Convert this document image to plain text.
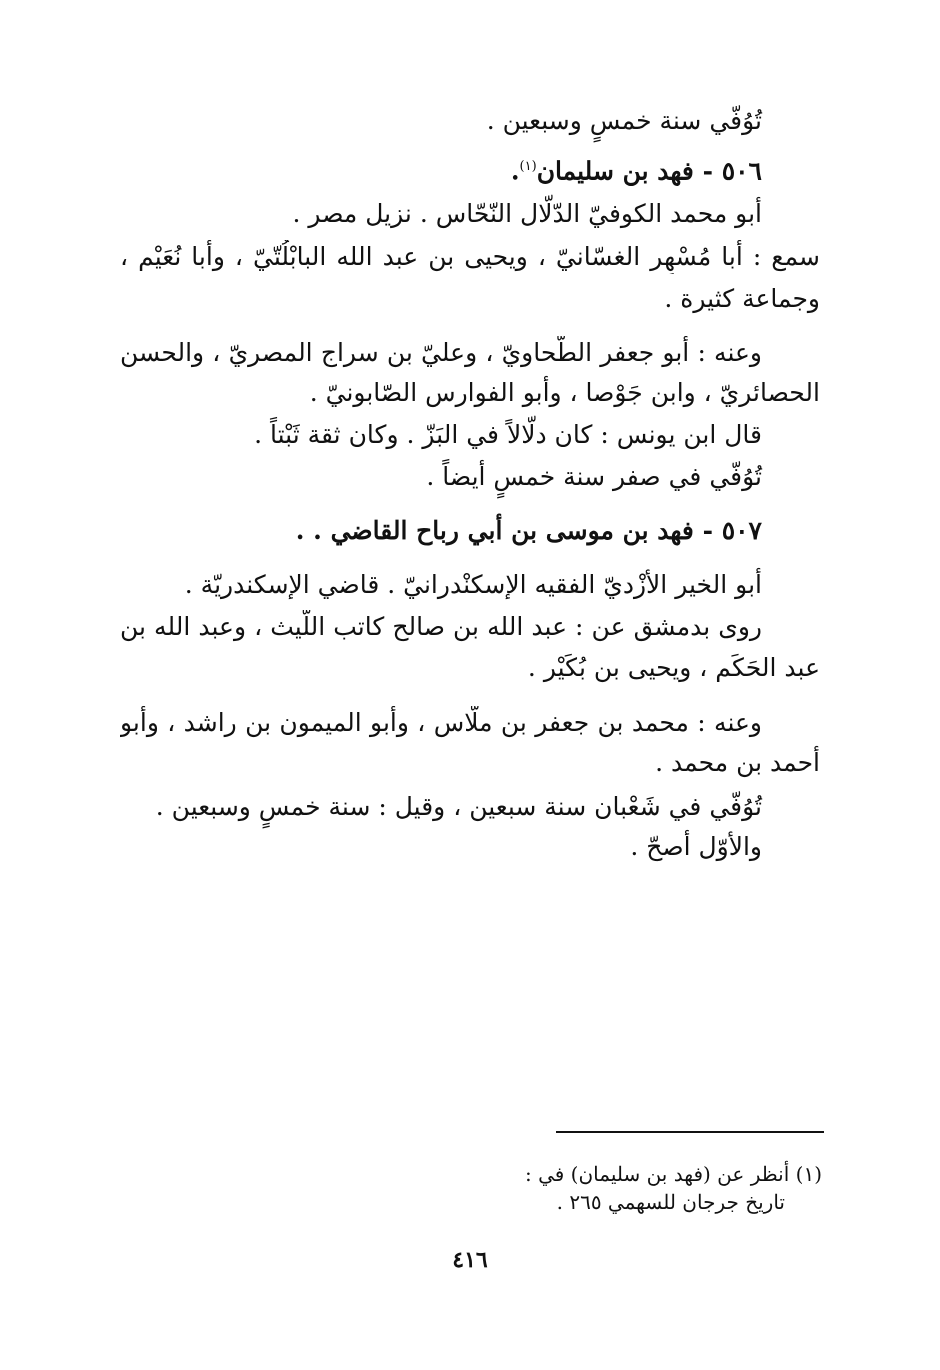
تُوُفّي سنة خمسٍ وسبعين .
٥٠٦ - فهد بن سليمان$^{(١)}$.
أبو محمد الكوفيّ الدّلّال النّحّاس . نزيل مصر .
سمع : أبا مُسْهِر الغسّانيّ ، ويحيى بن عبد الله البابْلُتّيّ ، وأبا نُعَيْم ،
وجماعة كثيرة .
وعنه : أبو جعفر الطّحاويّ ، وعليّ بن سراج المصريّ ، والحسن
الحصائريّ ، وابن جَوْصا ، وأبو الفوارس الصّابونيّ .
قال ابن يونس : كان دلّالاً في البَزّ . وكان ثقة ثَبْتاً .
تُوُفّي في صفر سنة خمسٍ أيضاً .
٥٠٧ - فهد بن موسى بن أبي رباح القاضي . .
أبو الخير الأزْديّ الفقيه الإسكنْدرانيّ . قاضي الإسكندريّة .
روى بدمشق عن : عبد الله بن صالح كاتب اللّيث ، وعبد الله بن
عبد الحَكَم ، ويحيى بن بُكَيْر .
وعنه : محمد بن جعفر بن ملّاس ، وأبو الميمون بن راشد ، وأبو
أحمد بن محمد .
تُوُفّي في شَعْبان سنة سبعين ، وقيل : سنة خمسٍ وسبعين .
والأوّل أصحّ .
(١) أنظر عن (فهد بن سليمان) في :
تاريخ جرجان للسهمي ٢٦٥ .
٤١٦
